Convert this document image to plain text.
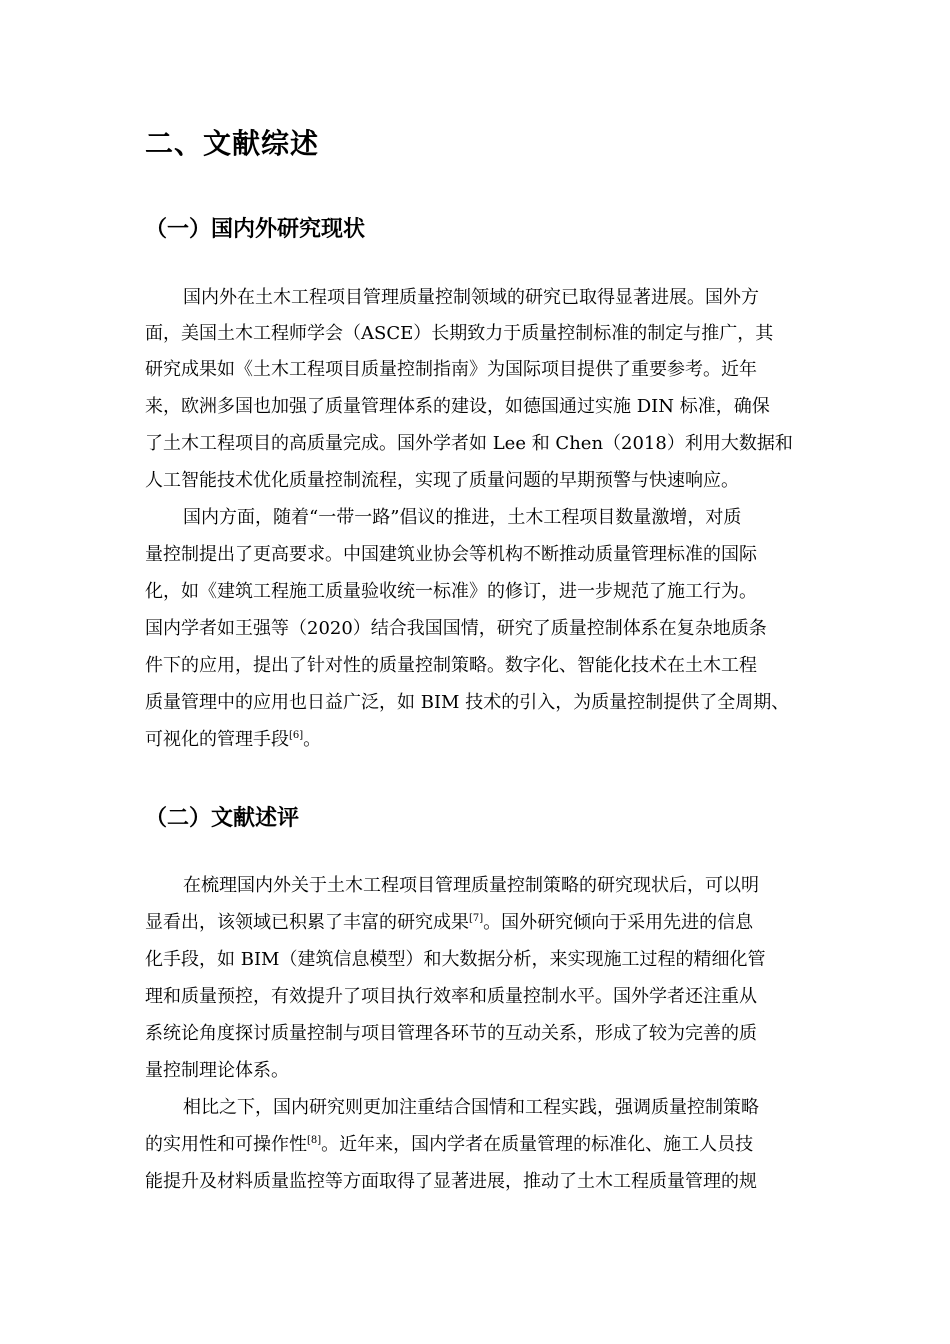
二、文献综述
（一）国内外研究现状

国内外在土木工程项目管理质量控制领域的研究已取得显著进展。国外方

面，美国土木工程师学会（ASCE）长期致力于质量控制标准的制定与推广，其

研究成果如《土木工程项目质量控制指南》为国际项目提供了重要参考。近年

来，欧洲多国也加强了质量管理体系的建设，如德国通过实施 DIN 标准，确保

了土木工程项目的高质量完成。国外学者如 Lee 和 Chen（2018）利用大数据和

人工智能技术优化质量控制流程，实现了质量问题的早期预警与快速响应。

国内方面，随着“一带一路”倡议的推进，土木工程项目数量激增，对质

量控制提出了更高要求。中国建筑业协会等机构不断推动质量管理标准的国际

化，如《建筑工程施工质量验收统一标准》的修订，进一步规范了施工行为。

国内学者如王强等（2020）结合我国国情，研究了质量控制体系在复杂地质条

件下的应用，提出了针对性的质量控制策略。数字化、智能化技术在土木工程

质量管理中的应用也日益广泛，如 BIM 技术的引入，为质量控制提供了全周期、

可视化的管理手段[6]。

（二）文献述评

在梳理国内外关于土木工程项目管理质量控制策略的研究现状后，可以明

显看出，该领域已积累了丰富的研究成果[7]。国外研究倾向于采用先进的信息

化手段，如 BIM（建筑信息模型）和大数据分析，来实现施工过程的精细化管

理和质量预控，有效提升了项目执行效率和质量控制水平。国外学者还注重从

系统论角度探讨质量控制与项目管理各环节的互动关系，形成了较为完善的质

量控制理论体系。

相比之下，国内研究则更加注重结合国情和工程实践，强调质量控制策略

的实用性和可操作性[8]。近年来，国内学者在质量管理的标准化、施工人员技

能提升及材料质量监控等方面取得了显著进展，推动了土木工程质量管理的规
